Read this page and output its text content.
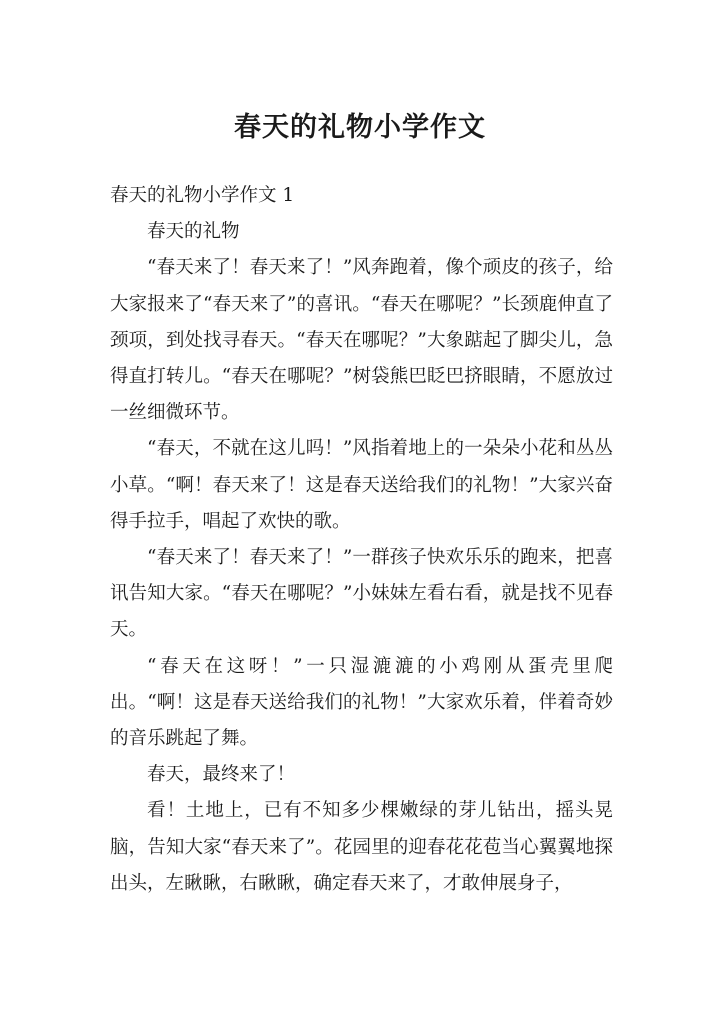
春天的礼物小学作文

春天的礼物小学作文 1

春天的礼物

“春天来了！春天来了！”风奔跑着，像个顽皮的孩子，给大家报来了“春天来了”的喜讯。“春天在哪呢？”长颈鹿伸直了颈项，到处找寻春天。“春天在哪呢？”大象踮起了脚尖儿，急得直打转儿。“春天在哪呢？”树袋熊巴眨巴挤眼睛，不愿放过一丝细微环节。

“春天，不就在这儿吗！”风指着地上的一朵朵小花和丛丛小草。“啊！春天来了！这是春天送给我们的礼物！”大家兴奋得手拉手，唱起了欢快的歌。

“春天来了！春天来了！”一群孩子快欢乐乐的跑来，把喜讯告知大家。“春天在哪呢？”小妹妹左看右看，就是找不见春天。

“春天在这呀！”一只湿漉漉的小鸡刚从蛋壳里爬出。“啊！这是春天送给我们的礼物！”大家欢乐着，伴着奇妙的音乐跳起了舞。

春天，最终来了！

看！土地上，已有不知多少棵嫩绿的芽儿钻出，摇头晃脑，告知大家“春天来了”。花园里的迎春花花苞当心翼翼地探出头，左瞅瞅，右瞅瞅，确定春天来了，才敢伸展身子，
